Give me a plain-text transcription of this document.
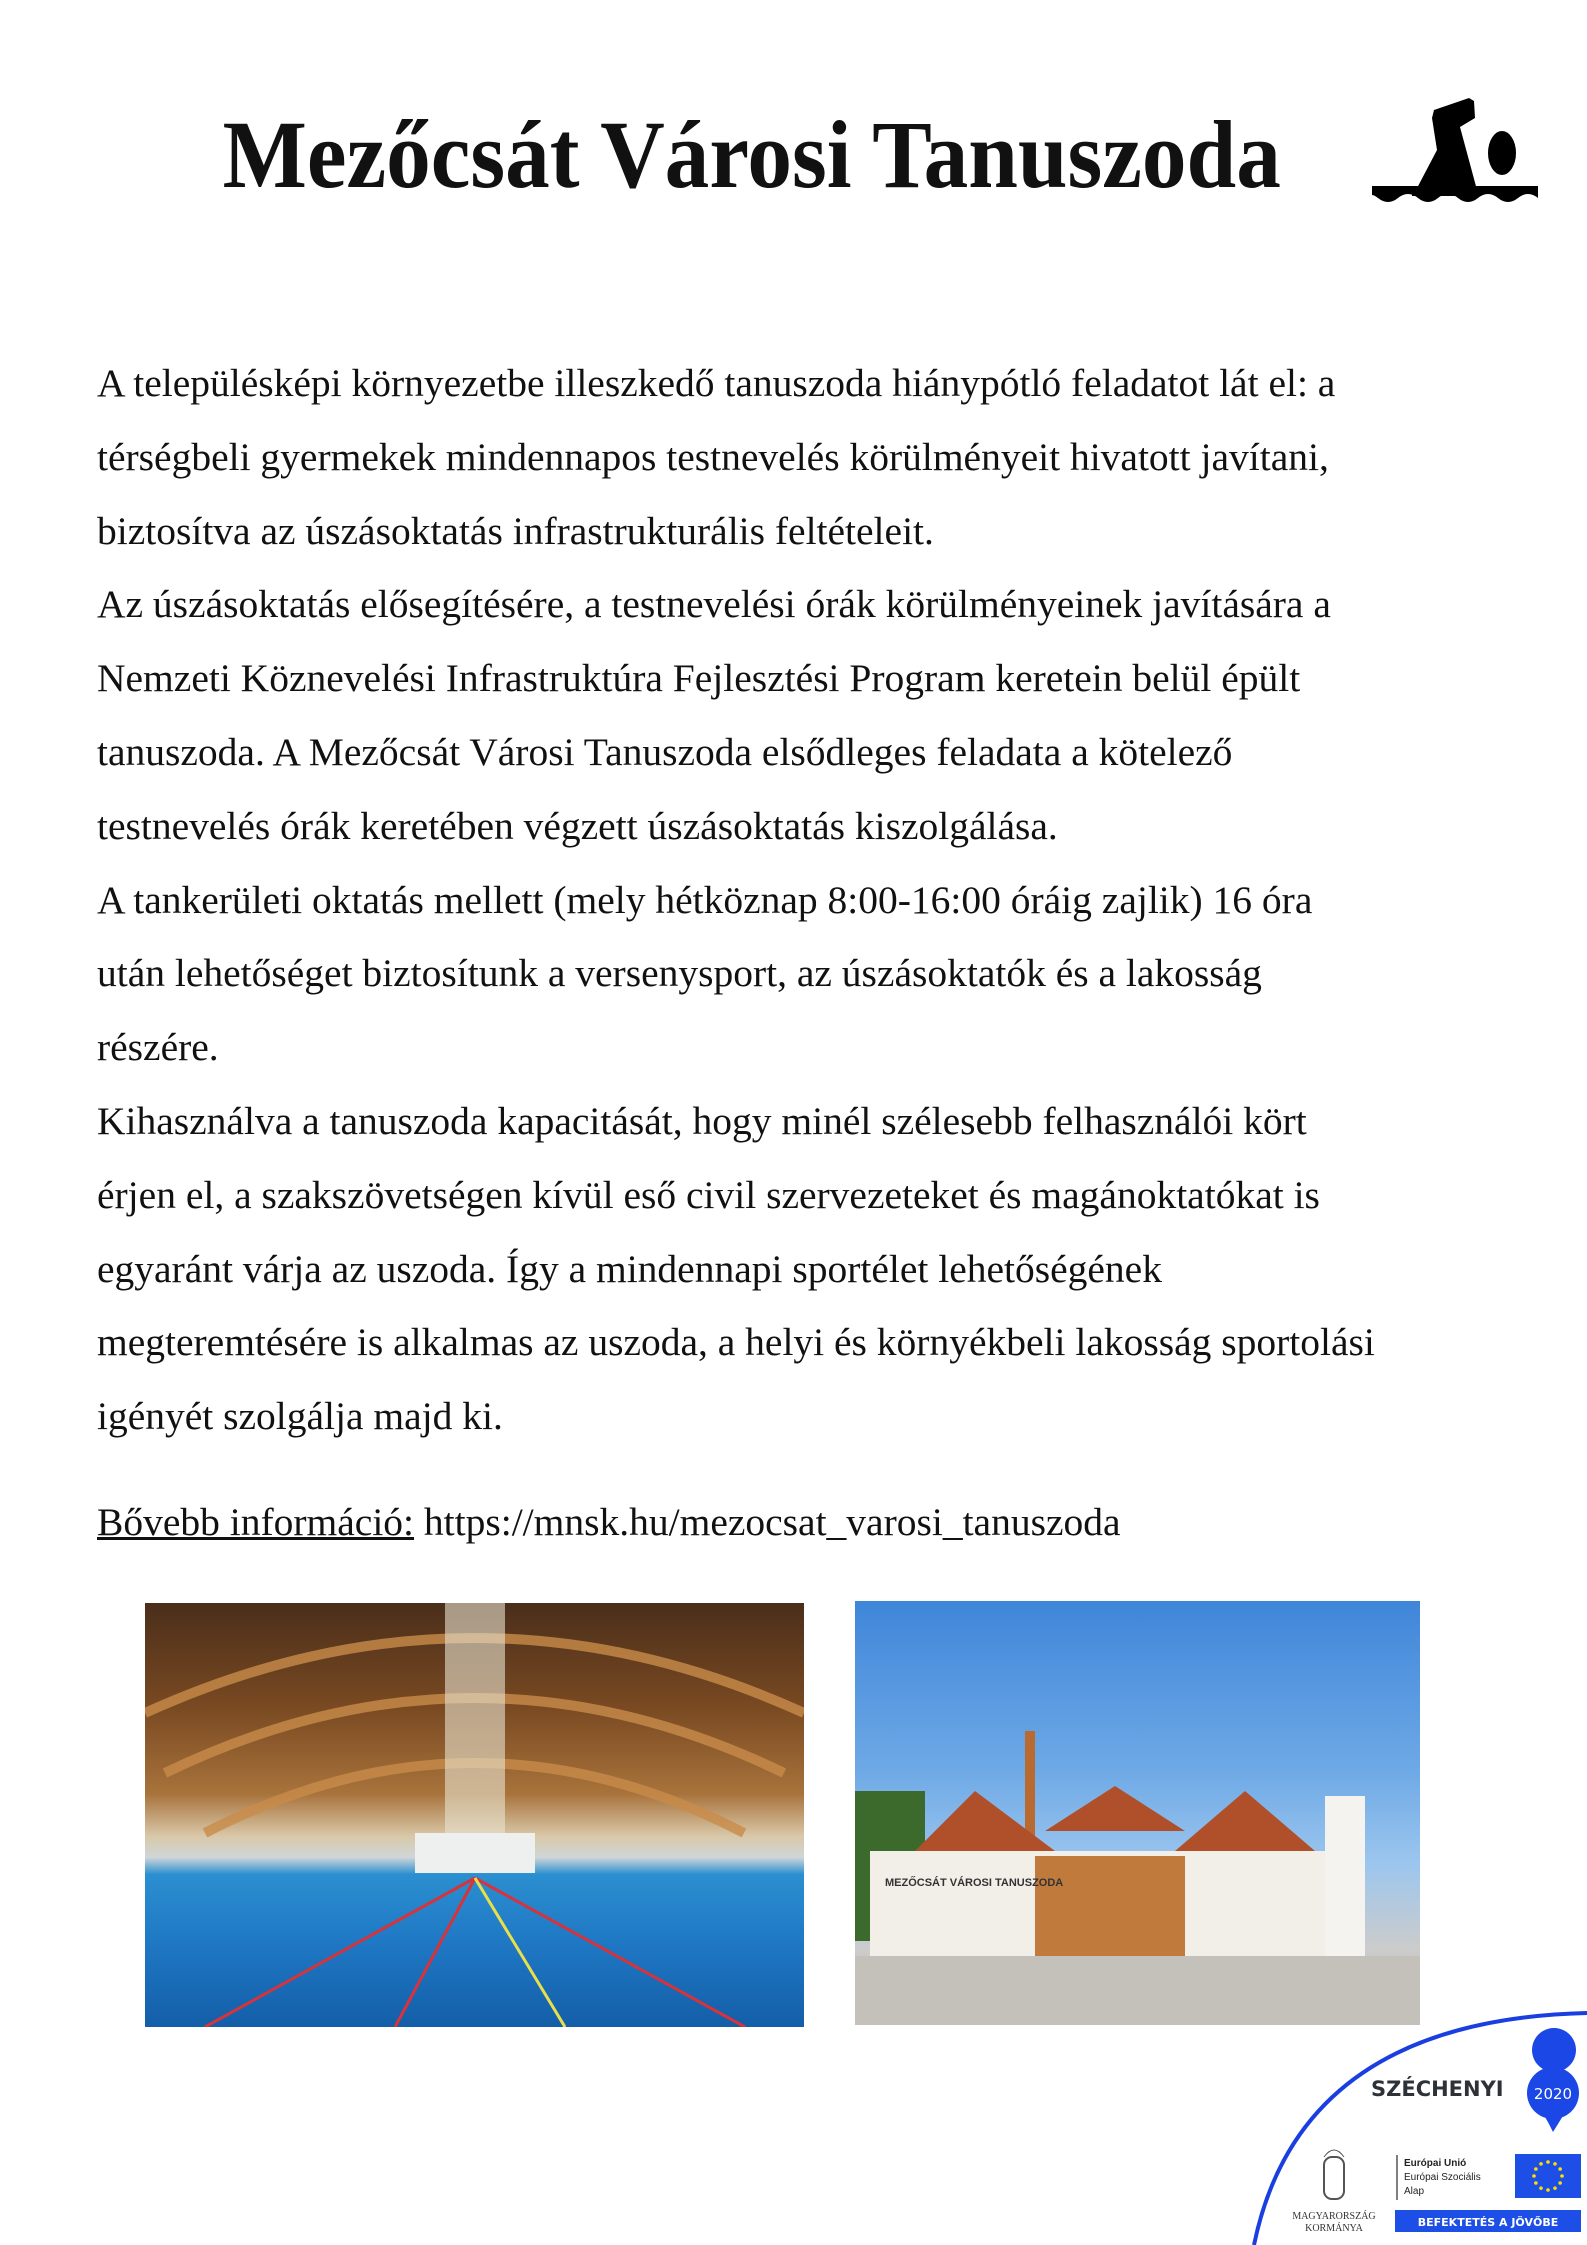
Mezőcsát Városi Tanuszoda
A településképi környezetbe illeszkedő tanuszoda hiánypótló feladatot lát el: a
térségbeli gyermekek mindennapos testnevelés körülményeit hivatott javítani,
biztosítva az úszásoktatás infrastrukturális feltételeit.
Az úszásoktatás elősegítésére, a testnevelési órák körülményeinek javítására a
Nemzeti Köznevelési Infrastruktúra Fejlesztési Program keretein belül épült
tanuszoda. A Mezőcsát Városi Tanuszoda elsődleges feladata a kötelező
testnevelés órák keretében végzett úszásoktatás kiszolgálása.
A tankerületi oktatás mellett (mely hétköznap 8:00-16:00 óráig zajlik) 16 óra
után lehetőséget biztosítunk a versenysport, az úszásoktatók és a lakosság
részére.
Kihasználva a tanuszoda kapacitását, hogy minél szélesebb felhasználói kört
érjen el, a szakszövetségen kívül eső civil szervezeteket és magánoktatókat is
egyaránt várja az uszoda. Így a mindennapi sportélet lehetőségének
megteremtésére is alkalmas az uszoda, a helyi és környékbeli lakosság sportolási
igényét szolgálja majd ki.
Bővebb információ: https://mnsk.hu/mezocsat_varosi_tanuszoda
MEZŐCSÁT VÁROSI TANUSZODA
SZÉCHENYI 2020
MAGYARORSZÁG
KORMÁNYA
Európai Unió
Európai Szociális
Alap
BEFEKTETÉS A JÖVŐBE
